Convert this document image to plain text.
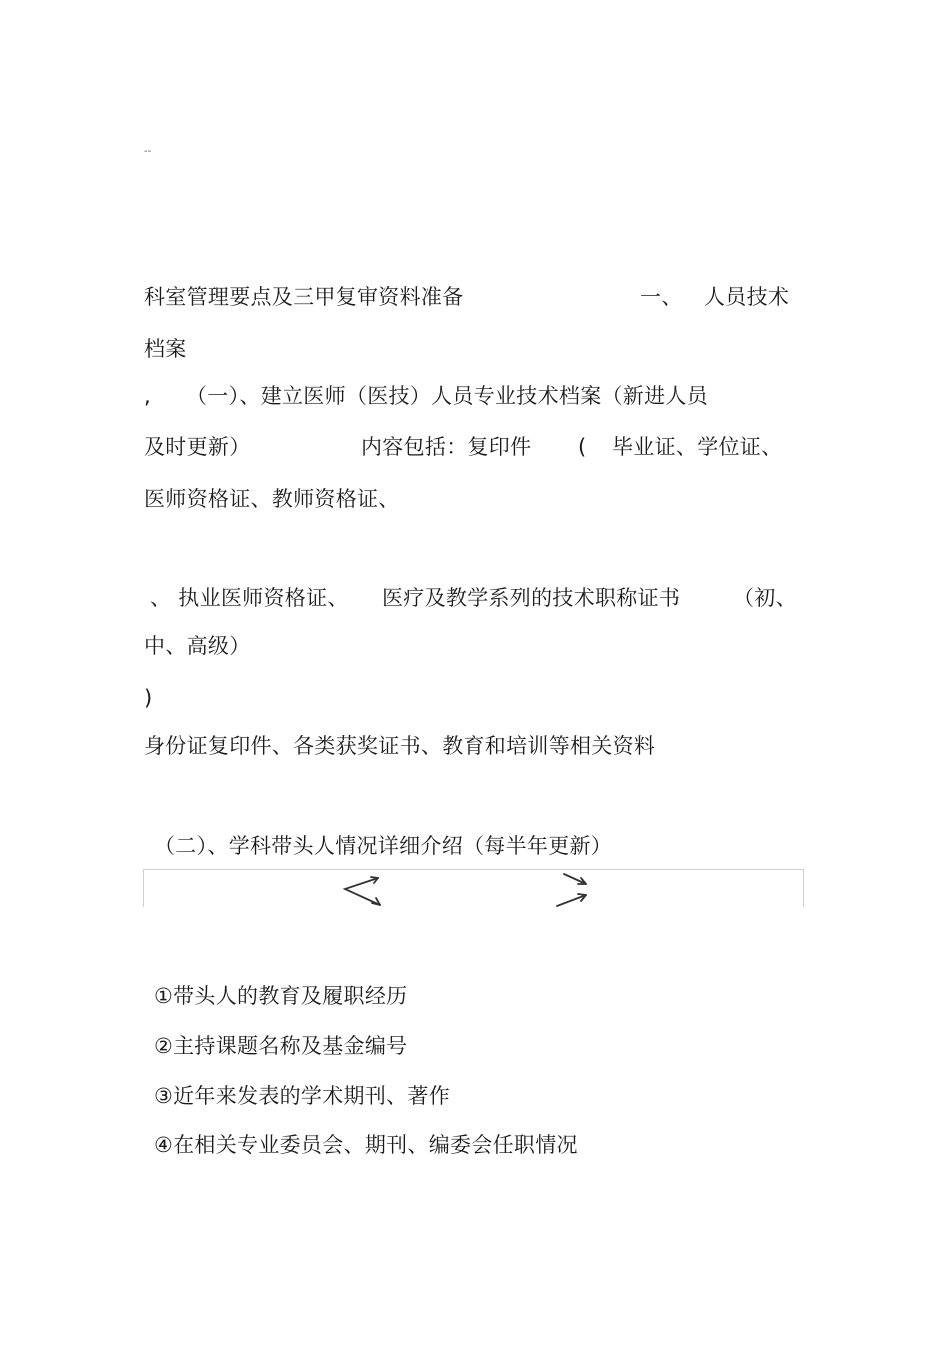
--
科室管理要点及三甲复审资料准备	一、 人员技术
档案
, （一）、建立医师（医技）人员专业技术档案（新进人员
及时更新）	内容包括：复印件 ( 毕业证、学位证、
医师资格证、教师资格证、
、 执业医师资格证、 医疗及教学系列的技术职称证书	（初、
中、高级）
)
身份证复印件、各类获奖证书、教育和培训等相关资料
（二）、学科带头人情况详细介绍（每半年更新）
①带头人的教育及履职经历
②主持课题名称及基金编号
③近年来发表的学术期刊、著作
④在相关专业委员会、期刊、编委会任职情况
